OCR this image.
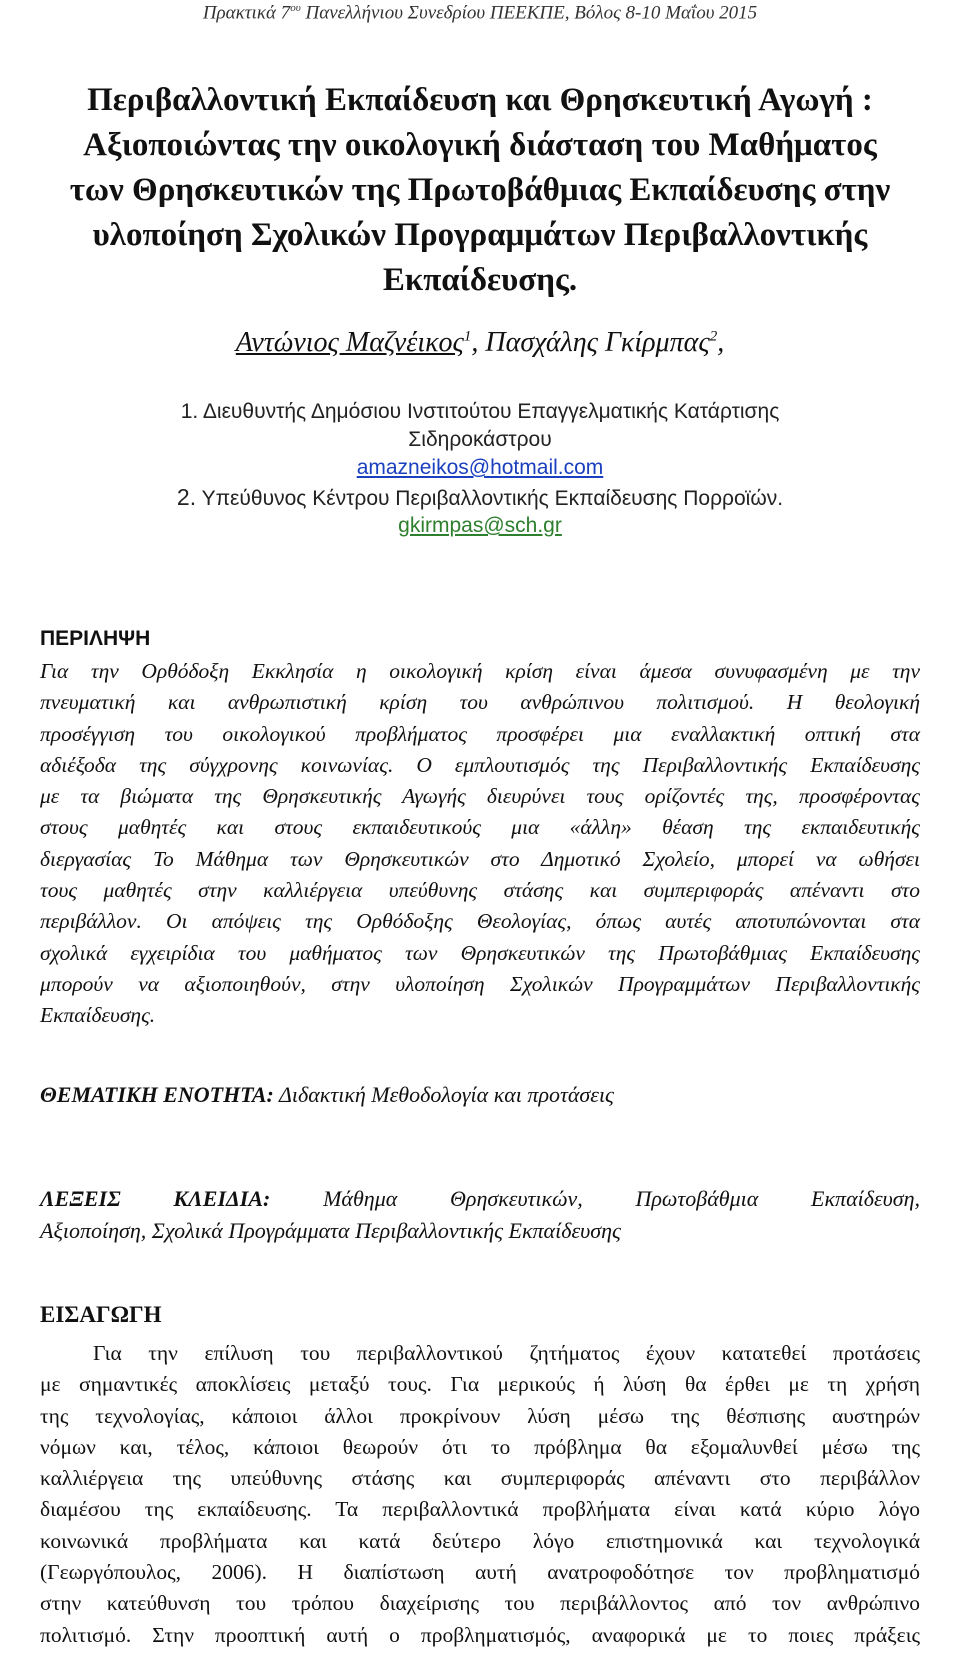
Πρακτικά $7^{o\upsilon}$ Πανελλήνιου Συνεδρίου ΠΕΕΚΠΕ, Βόλος 8-10 Μαΐου 2015
Περιβαλλοντική Εκπαίδευση και Θρησκευτική Αγωγή :
Αξιοποιώντας την οικολογική διάσταση του Μαθήματος
των Θρησκευτικών της Πρωτοβάθμιας Εκπαίδευσης στην
υλοποίηση Σχολικών Προγραμμάτων Περιβαλλοντικής
Εκπαίδευσης.
Αντώνιος Μαζνέικος$^1$, Πασχάλης Γκίρμπας$^2$,
1. Διευθυντής Δημόσιου Ινστιτούτου Επαγγελματικής Κατάρτισης
Σιδηροκάστρου
amazneikos@hotmail.com
2. Υπεύθυνος Κέντρου Περιβαλλοντικής Εκπαίδευσης Πορροϊών.
gkirmpas@sch.gr
ΠΕΡΙΛΗΨΗ
Για την Ορθόδοξη Εκκλησία η οικολογική κρίση είναι άμεσα συνυφασμένη με την
πνευματική και ανθρωπιστική κρίση του ανθρώπινου πολιτισμού. Η θεολογική
προσέγγιση του οικολογικού προβλήματος προσφέρει μια εναλλακτική οπτική στα
αδιέξοδα της σύγχρονης κοινωνίας. Ο εμπλουτισμός της Περιβαλλοντικής Εκπαίδευσης
με τα βιώματα της Θρησκευτικής Αγωγής διευρύνει τους ορίζοντές της, προσφέροντας
στους μαθητές και στους εκπαιδευτικούς μια «άλλη» θέαση της εκπαιδευτικής
διεργασίας Το Μάθημα των Θρησκευτικών στο Δημοτικό Σχολείο, μπορεί να ωθήσει
τους μαθητές στην καλλιέργεια υπεύθυνης στάσης και συμπεριφοράς απέναντι στο
περιβάλλον. Οι απόψεις της Ορθόδοξης Θεολογίας, όπως αυτές αποτυπώνονται στα
σχολικά εγχειρίδια του μαθήματος των Θρησκευτικών της Πρωτοβάθμιας Εκπαίδευσης
μπορούν να αξιοποιηθούν, στην υλοποίηση Σχολικών Προγραμμάτων Περιβαλλοντικής
Εκπαίδευσης.
ΘΕΜΑΤΙΚΗ ΕΝΟΤΗΤΑ: Διδακτική Μεθοδολογία και προτάσεις
ΛΕΞΕΙΣ ΚΛΕΙΔΙΑ: Μάθημα Θρησκευτικών, Πρωτοβάθμια Εκπαίδευση,
Αξιοποίηση, Σχολικά Προγράμματα Περιβαλλοντικής Εκπαίδευσης
ΕΙΣΑΓΩΓΗ
Για την επίλυση του περιβαλλοντικού ζητήματος έχουν κατατεθεί προτάσεις
με σημαντικές αποκλίσεις μεταξύ τους. Για μερικούς ή λύση θα έρθει με τη χρήση
της τεχνολογίας, κάποιοι άλλοι προκρίνουν λύση μέσω της θέσπισης αυστηρών
νόμων και, τέλος, κάποιοι θεωρούν ότι το πρόβλημα θα εξομαλυνθεί μέσω της
καλλιέργεια της υπεύθυνης στάσης και συμπεριφοράς απέναντι στο περιβάλλον
διαμέσου της εκπαίδευσης. Τα περιβαλλοντικά προβλήματα είναι κατά κύριο λόγο
κοινωνικά προβλήματα και κατά δεύτερο λόγο επιστημονικά και τεχνολογικά
(Γεωργόπουλος, 2006). Η διαπίστωση αυτή ανατροφοδότησε τον προβληματισμό
στην κατεύθυνση του τρόπου διαχείρισης του περιβάλλοντος από τον ανθρώπινο
πολιτισμό. Στην προοπτική αυτή ο προβληματισμός, αναφορικά με το ποιες πράξεις
